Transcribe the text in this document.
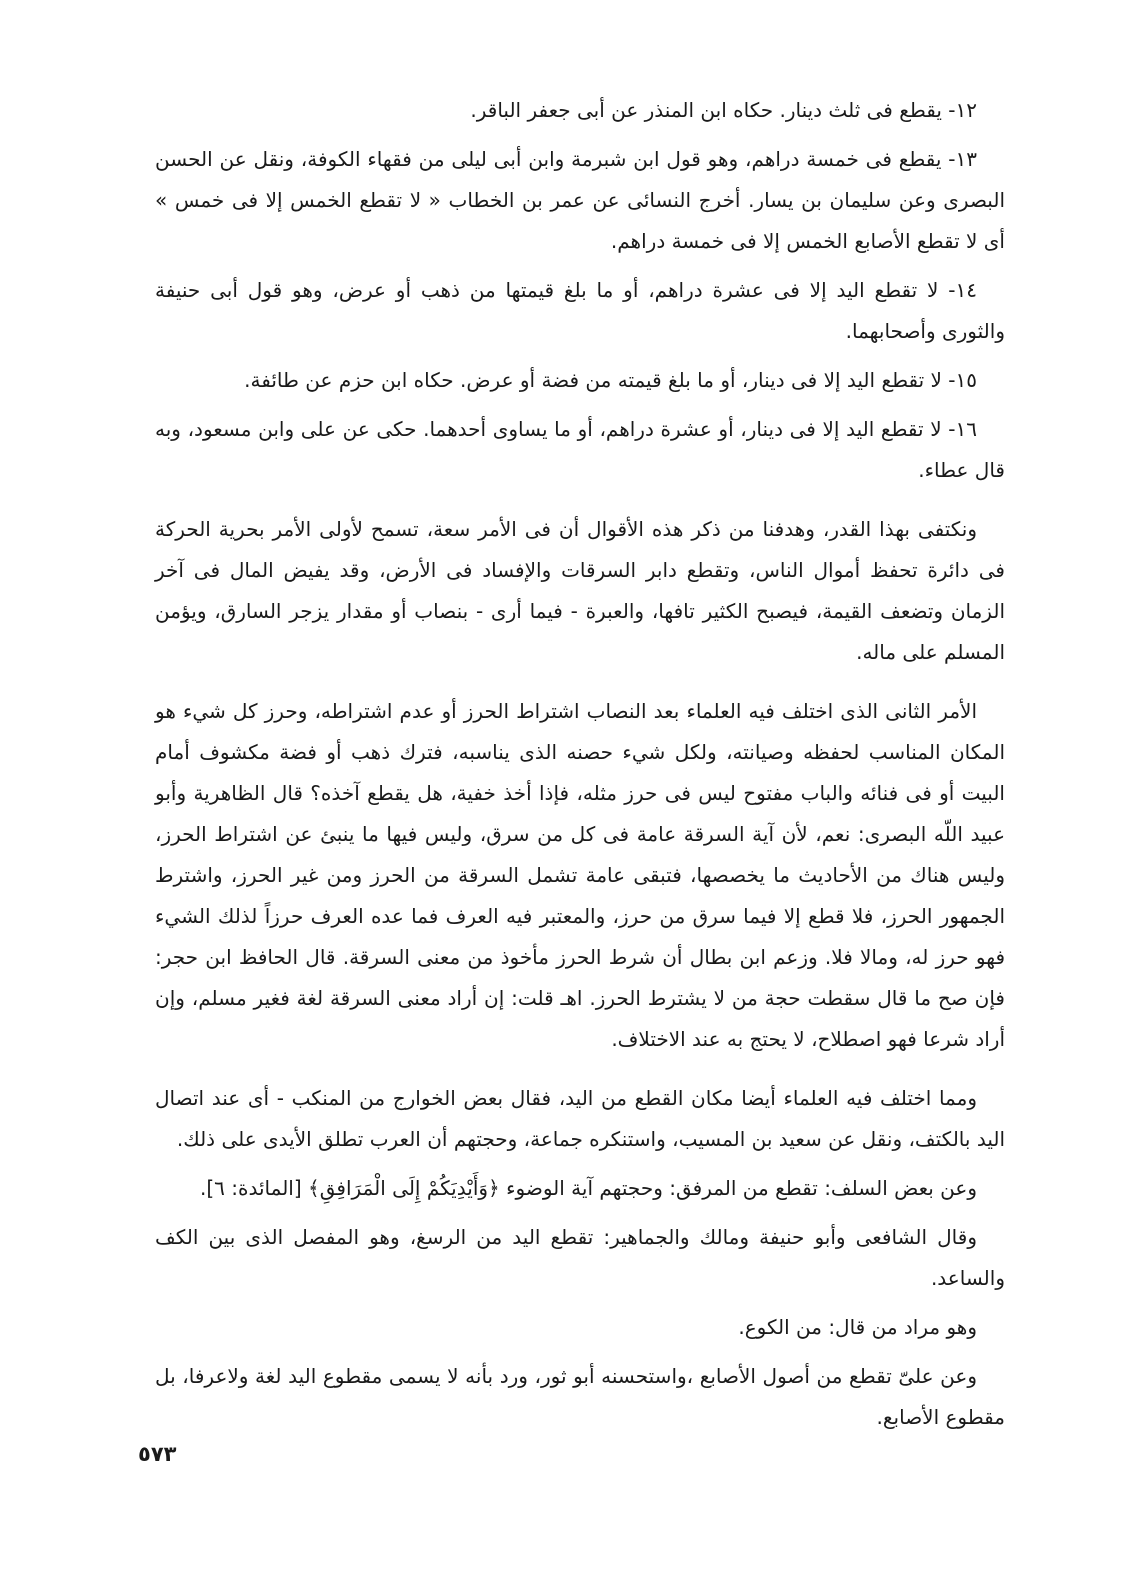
١٢- يقطع فى ثلث دينار. حكاه ابن المنذر عن أبى جعفر الباقر.

١٣- يقطع فى خمسة دراهم، وهو قول ابن شبرمة وابن أبى ليلى من فقهاء الكوفة، ونقل عن الحسن البصرى وعن سليمان بن يسار. أخرج النسائى عن عمر بن الخطاب « لا تقطع الخمس إلا فى خمس » أى لا تقطع الأصابع الخمس إلا فى خمسة دراهم.

١٤- لا تقطع اليد إلا فى عشرة دراهم، أو ما بلغ قيمتها من ذهب أو عرض، وهو قول أبى حنيفة والثورى وأصحابهما.

١٥- لا تقطع اليد إلا فى دينار، أو ما بلغ قيمته من فضة أو عرض. حكاه ابن حزم عن طائفة.

١٦- لا تقطع اليد إلا فى دينار، أو عشرة دراهم، أو ما يساوى أحدهما. حكى عن على وابن مسعود، وبه قال عطاء.

ونكتفى بهذا القدر، وهدفنا من ذكر هذه الأقوال أن فى الأمر سعة، تسمح لأولى الأمر بحرية الحركة فى دائرة تحفظ أموال الناس، وتقطع دابر السرقات والإفساد فى الأرض، وقد يفيض المال فى آخر الزمان وتضعف القيمة، فيصبح الكثير تافها، والعبرة - فيما أرى - بنصاب أو مقدار يزجر السارق، ويؤمن المسلم على ماله.

الأمر الثانى الذى اختلف فيه العلماء بعد النصاب اشتراط الحرز أو عدم اشتراطه، وحرز كل شيء هو المكان المناسب لحفظه وصيانته، ولكل شيء حصنه الذى يناسبه، فترك ذهب أو فضة مكشوف أمام البيت أو فى فنائه والباب مفتوح ليس فى حرز مثله، فإذا أخذ خفية، هل يقطع آخذه؟ قال الظاهرية وأبو عبيد اللّه البصرى: نعم، لأن آية السرقة عامة فى كل من سرق، وليس فيها ما ينبئ عن اشتراط الحرز، وليس هناك من الأحاديث ما يخصصها، فتبقى عامة تشمل السرقة من الحرز ومن غير الحرز، واشترط الجمهور الحرز، فلا قطع إلا فيما سرق من حرز، والمعتبر فيه العرف فما عده العرف حرزاً لذلك الشيء فهو حرز له، ومالا فلا. وزعم ابن بطال أن شرط الحرز مأخوذ من معنى السرقة. قال الحافظ ابن حجر: فإن صح ما قال سقطت حجة من لا يشترط الحرز. اهـ قلت: إن أراد معنى السرقة لغة فغير مسلم، وإن أراد شرعا فهو اصطلاح، لا يحتج به عند الاختلاف.

ومما اختلف فيه العلماء أيضا مكان القطع من اليد، فقال بعض الخوارج من المنكب - أى عند اتصال اليد بالكتف، ونقل عن سعيد بن المسيب، واستنكره جماعة، وحجتهم أن العرب تطلق الأيدى على ذلك.

وعن بعض السلف: تقطع من المرفق: وحجتهم آية الوضوء ﴿وَأَيْدِيَكُمْ إِلَى الْمَرَافِقِ﴾ [المائدة: ٦].

وقال الشافعى وأبو حنيفة ومالك والجماهير: تقطع اليد من الرسغ، وهو المفصل الذى بين الكف والساعد.

وهو مراد من قال: من الكوع.

وعن علىّ تقطع من أصول الأصابع ،واستحسنه أبو ثور، ورد بأنه لا يسمى مقطوع اليد لغة ولاعرفا، بل مقطوع الأصابع.

٥٧٣
